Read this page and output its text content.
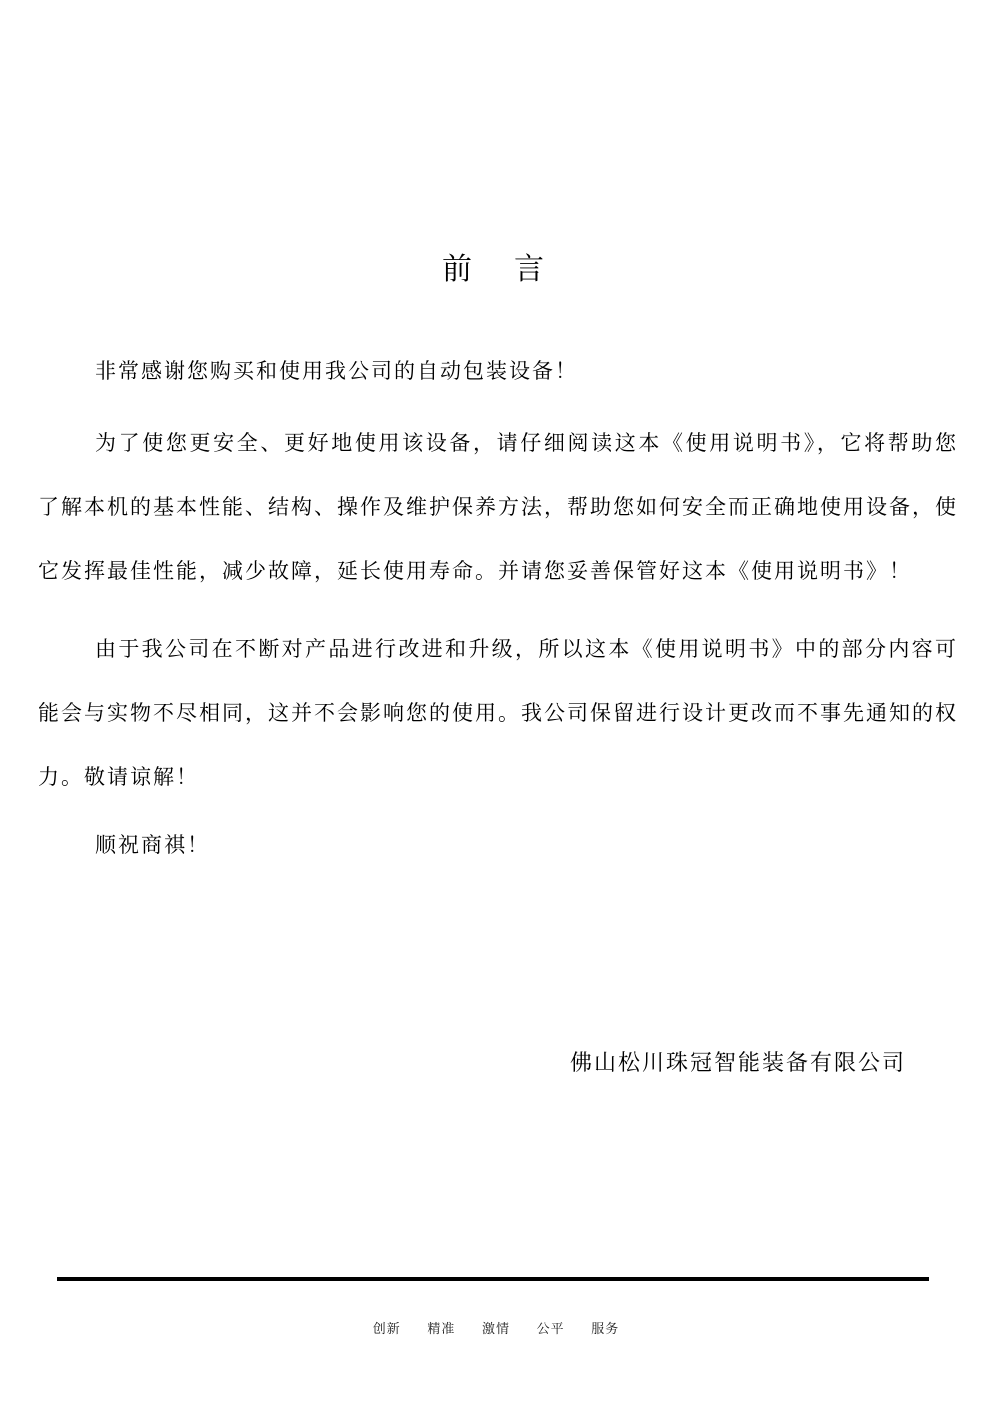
前　言

非常感谢您购买和使用我公司的自动包装设备！

为了使您更安全、更好地使用该设备，请仔细阅读这本《使用说明书》，它将帮助您了解本机的基本性能、结构、操作及维护保养方法，帮助您如何安全而正确地使用设备，使它发挥最佳性能，减少故障，延长使用寿命。并请您妥善保管好这本《使用说明书》！

由于我公司在不断对产品进行改进和升级，所以这本《使用说明书》中的部分内容可能会与实物不尽相同，这并不会影响您的使用。我公司保留进行设计更改而不事先通知的权力。敬请谅解！

顺祝商祺！

佛山松川珠冠智能装备有限公司
创新 精准 激情 公平 服务
